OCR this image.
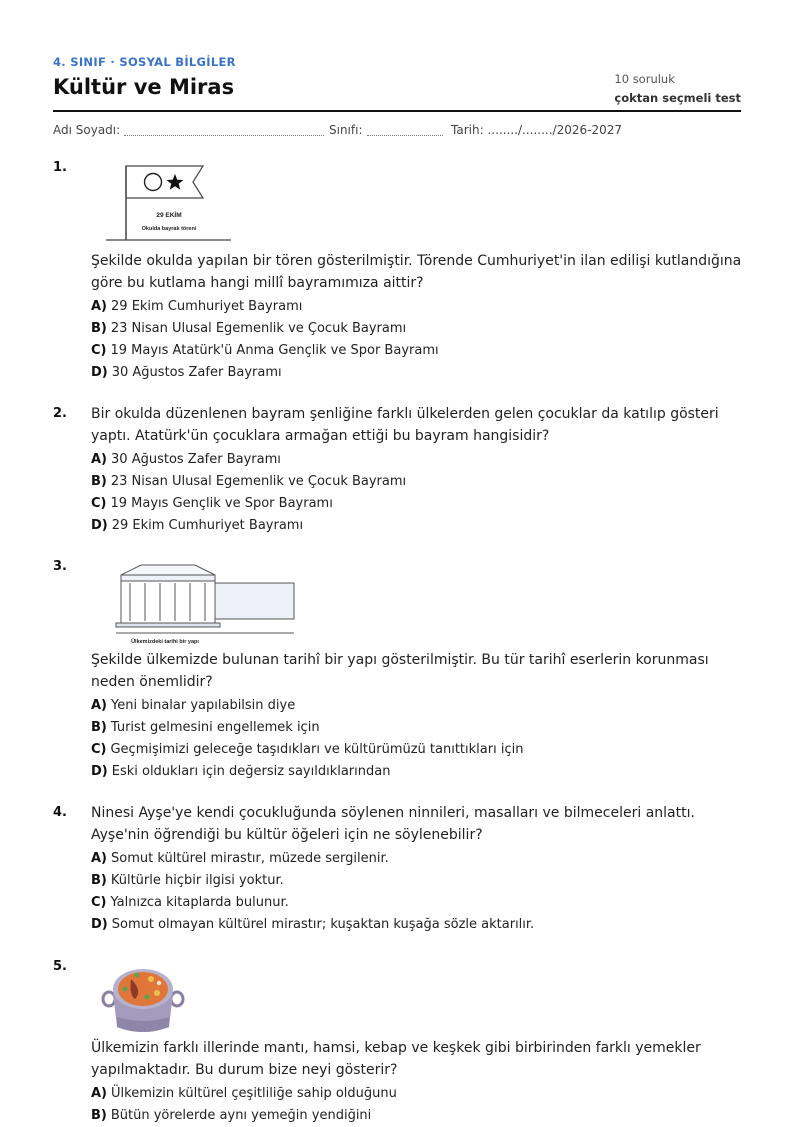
4. SINIF · SOSYAL BİLGİLER
Kültür ve Miras	10 soruluk
çoktan seçmeli test
Adı Soyadı:	Sınıfı:	Tarih: ......../......../2026-2027
1.
29 EKİM
Okulda bayrak töreni

Şekilde okulda yapılan bir tören gösterilmiştir. Törende Cumhuriyet'in ilan edilişi kutlandığına göre bu kutlama hangi millî bayramımıza aittir?

A) 29 Ekim Cumhuriyet Bayramı
B) 23 Nisan Ulusal Egemenlik ve Çocuk Bayramı
C) 19 Mayıs Atatürk'ü Anma Gençlik ve Spor Bayramı
D) 30 Ağustos Zafer Bayramı
2. Bir okulda düzenlenen bayram şenliğine farklı ülkelerden gelen çocuklar da katılıp gösteri yaptı. Atatürk'ün çocuklara armağan ettiği bu bayram hangisidir?

A) 30 Ağustos Zafer Bayramı
B) 23 Nisan Ulusal Egemenlik ve Çocuk Bayramı
C) 19 Mayıs Gençlik ve Spor Bayramı
D) 29 Ekim Cumhuriyet Bayramı
3.
Ülkemizdeki tarihi bir yapı

Şekilde ülkemizde bulunan tarihî bir yapı gösterilmiştir. Bu tür tarihî eserlerin korunması neden önemlidir?

A) Yeni binalar yapılabilsin diye
B) Turist gelmesini engellemek için
C) Geçmişimizi geleceğe taşıdıkları ve kültürümüzü tanıttıkları için
D) Eski oldukları için değersiz sayıldıklarından
4. Ninesi Ayşe'ye kendi çocukluğunda söylenen ninnileri, masalları ve bilmeceleri anlattı. Ayşe'nin öğrendiği bu kültür öğeleri için ne söylenebilir?

A) Somut kültürel mirastır, müzede sergilenir.
B) Kültürle hiçbir ilgisi yoktur.
C) Yalnızca kitaplarda bulunur.
D) Somut olmayan kültürel mirastır; kuşaktan kuşağa sözle aktarılır.
5.

Ülkemizin farklı illerinde mantı, hamsi, kebap ve keşkek gibi birbirinden farklı yemekler yapılmaktadır. Bu durum bize neyi gösterir?

A) Ülkemizin kültürel çeşitliliğe sahip olduğunu
B) Bütün yörelerde aynı yemeğin yendiğini
